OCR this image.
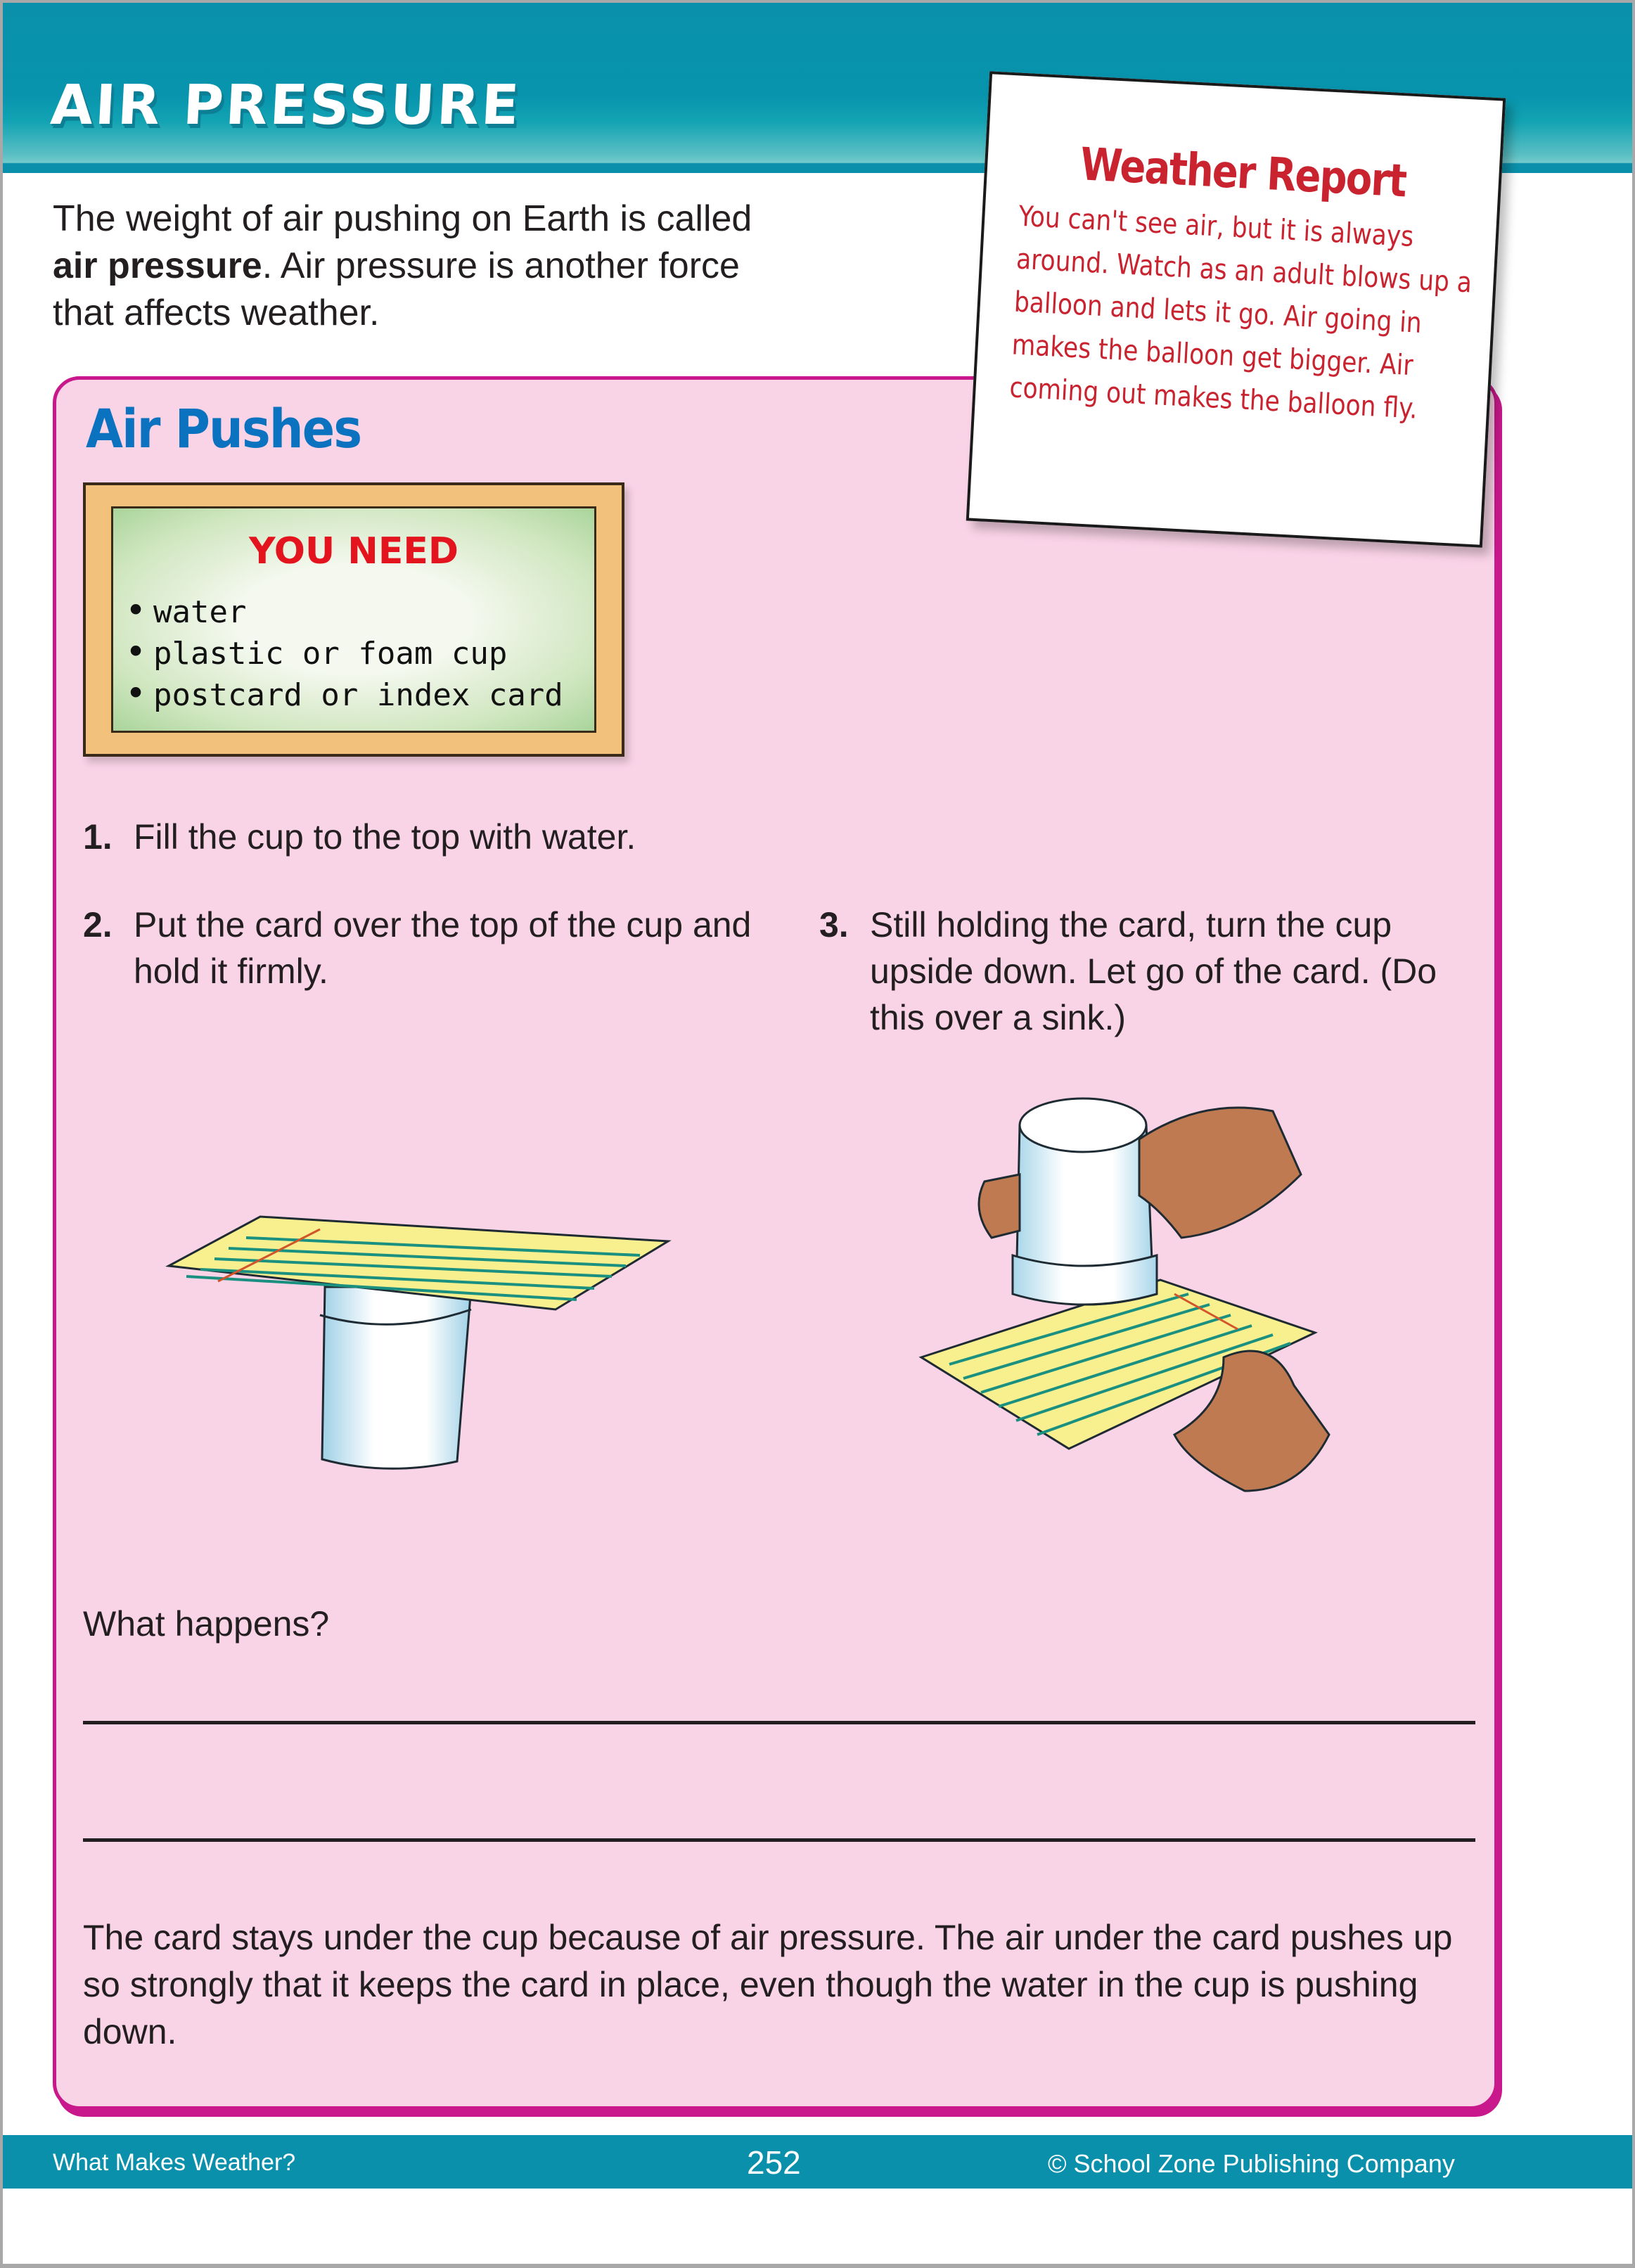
AIR PRESSURE
The weight of air pushing on Earth is called
air pressure. Air pressure is another force
that affects weather.
Air Pushes
Weather Report

You can't see air, but it is always around. Watch as an adult blows up a balloon and lets it go. Air going in makes the balloon get bigger. Air coming out makes the balloon fly.

YOU NEED
• water
• plastic or foam cup
• postcard or index card
1. Fill the cup to the top with water.
2. Put the card over the top of the cup and hold it firmly.
3. Still holding the card, turn the cup upside down. Let go of the card. (Do this over a sink.)
What happens?
The card stays under the cup because of air pressure. The air under the card pushes up so strongly that it keeps the card in place, even though the water in the cup is pushing down.
What Makes Weather?	252	© School Zone Publishing Company
